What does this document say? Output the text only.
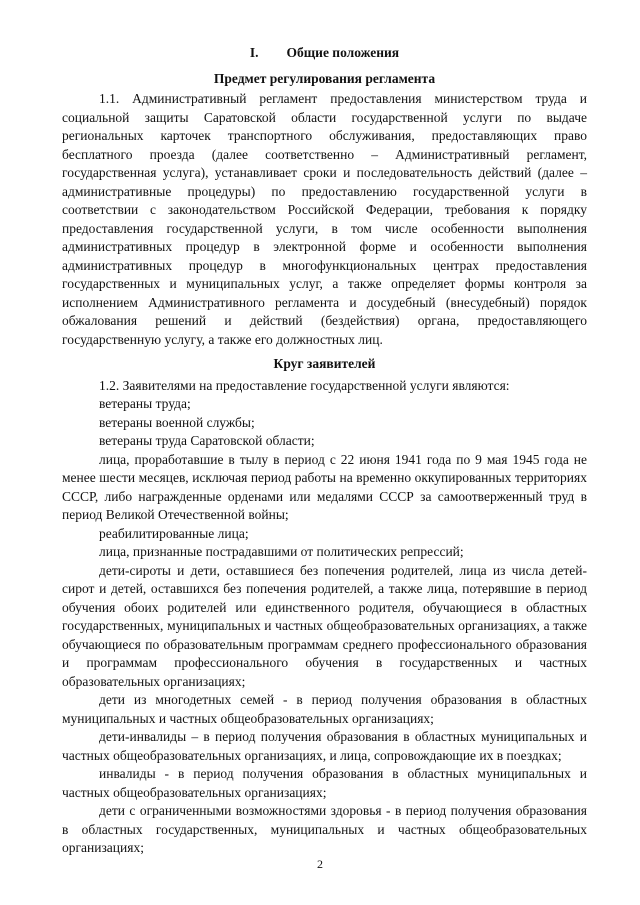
I. Общие положения
Предмет регулирования регламента

1.1. Административный регламент предоставления министерством труда и социальной защиты Саратовской области государственной услуги по выдаче региональных карточек транспортного обслуживания, предоставляющих право бесплатного проезда (далее соответственно – Административный регламент, государственная услуга), устанавливает сроки и последовательность действий (далее – административные процедуры) по предоставлению государственной услуги в соответствии с законодательством Российской Федерации, требования к порядку предоставления государственной услуги, в том числе особенности выполнения административных процедур в электронной форме и особенности выполнения административных процедур в многофункциональных центрах предоставления государственных и муниципальных услуг, а также определяет формы контроля за исполнением Административного регламента и досудебный (внесудебный) порядок обжалования решений и действий (бездействия) органа, предоставляющего государственную услугу, а также его должностных лиц.

Круг заявителей

1.2. Заявителями на предоставление государственной услуги являются:

ветераны труда;

ветераны военной службы;

ветераны труда Саратовской области;

лица, проработавшие в тылу в период с 22 июня 1941 года по 9 мая 1945 года не менее шести месяцев, исключая период работы на временно оккупированных территориях СССР, либо награжденные орденами или медалями СССР за самоотверженный труд в период Великой Отечественной войны;

реабилитированные лица;

лица, признанные пострадавшими от политических репрессий;

дети-сироты и дети, оставшиеся без попечения родителей, лица из числа детей-сирот и детей, оставшихся без попечения родителей, а также лица, потерявшие в период обучения обоих родителей или единственного родителя, обучающиеся в областных государственных, муниципальных и частных общеобразовательных организациях, а также обучающиеся по образовательным программам среднего профессионального образования и программам профессионального обучения в государственных и частных образовательных организациях;

дети из многодетных семей - в период получения образования в областных муниципальных и частных общеобразовательных организациях;

дети-инвалиды – в период получения образования в областных муниципальных и частных общеобразовательных организациях, и лица, сопровождающие их в поездках;

инвалиды - в период получения образования в областных муниципальных и частных общеобразовательных организациях;

дети с ограниченными возможностями здоровья - в период получения образования в областных государственных, муниципальных и частных общеобразовательных организациях;

2
